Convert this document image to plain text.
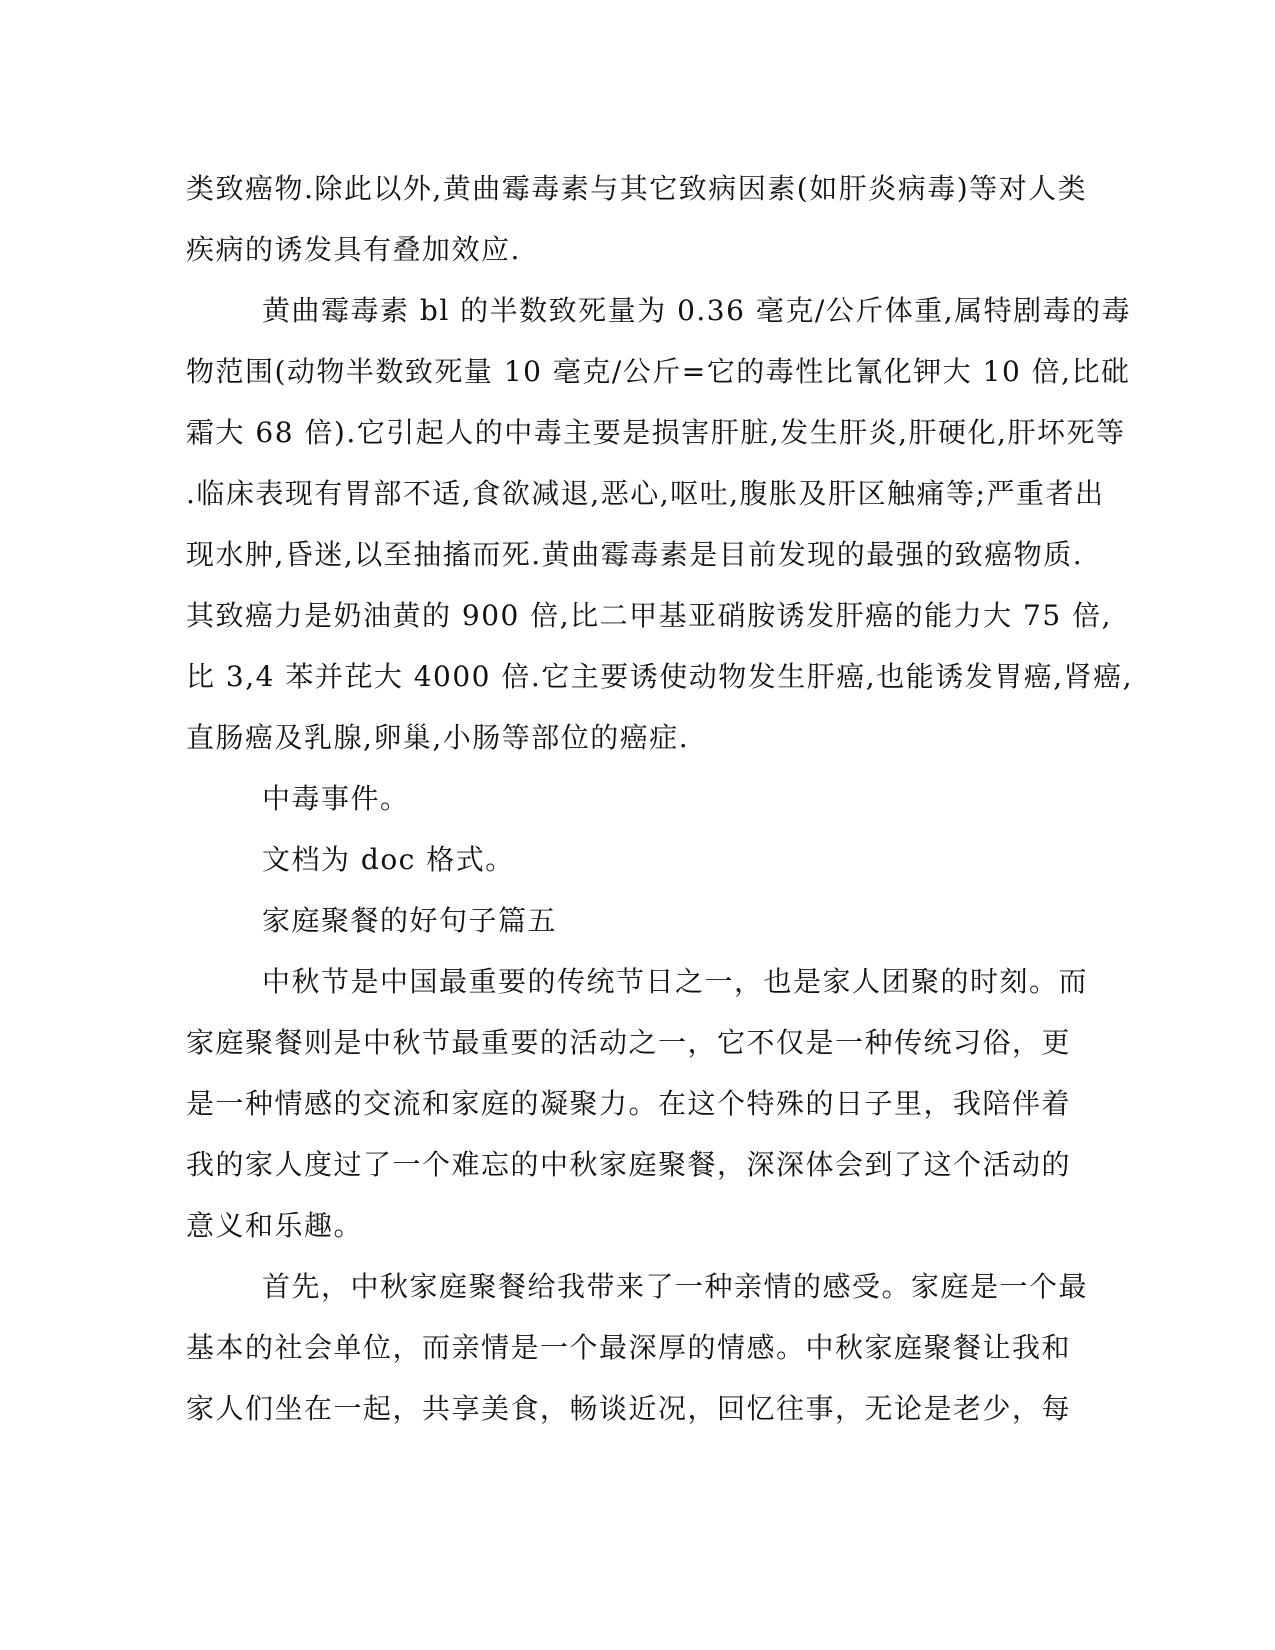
类致癌物.除此以外,黄曲霉毒素与其它致病因素(如肝炎病毒)等对人类
疾病的诱发具有叠加效应.
黄曲霉毒素 bl 的半数致死量为 0.36 毫克/公斤体重,属特剧毒的毒
物范围(动物半数致死量 10 毫克/公斤=它的毒性比氰化钾大 10 倍,比砒
霜大 68 倍).它引起人的中毒主要是损害肝脏,发生肝炎,肝硬化,肝坏死等
.临床表现有胃部不适,食欲减退,恶心,呕吐,腹胀及肝区触痛等;严重者出
现水肿,昏迷,以至抽搐而死.黄曲霉毒素是目前发现的最强的致癌物质.
其致癌力是奶油黄的 900 倍,比二甲基亚硝胺诱发肝癌的能力大 75 倍,
比 3,4 苯并芘大 4000 倍.它主要诱使动物发生肝癌,也能诱发胃癌,肾癌,
直肠癌及乳腺,卵巢,小肠等部位的癌症.
中毒事件。
文档为 doc 格式。
家庭聚餐的好句子篇五
中秋节是中国最重要的传统节日之一，也是家人团聚的时刻。而
家庭聚餐则是中秋节最重要的活动之一，它不仅是一种传统习俗，更
是一种情感的交流和家庭的凝聚力。在这个特殊的日子里，我陪伴着
我的家人度过了一个难忘的中秋家庭聚餐，深深体会到了这个活动的
意义和乐趣。
首先，中秋家庭聚餐给我带来了一种亲情的感受。家庭是一个最
基本的社会单位，而亲情是一个最深厚的情感。中秋家庭聚餐让我和
家人们坐在一起，共享美食，畅谈近况，回忆往事，无论是老少，每
